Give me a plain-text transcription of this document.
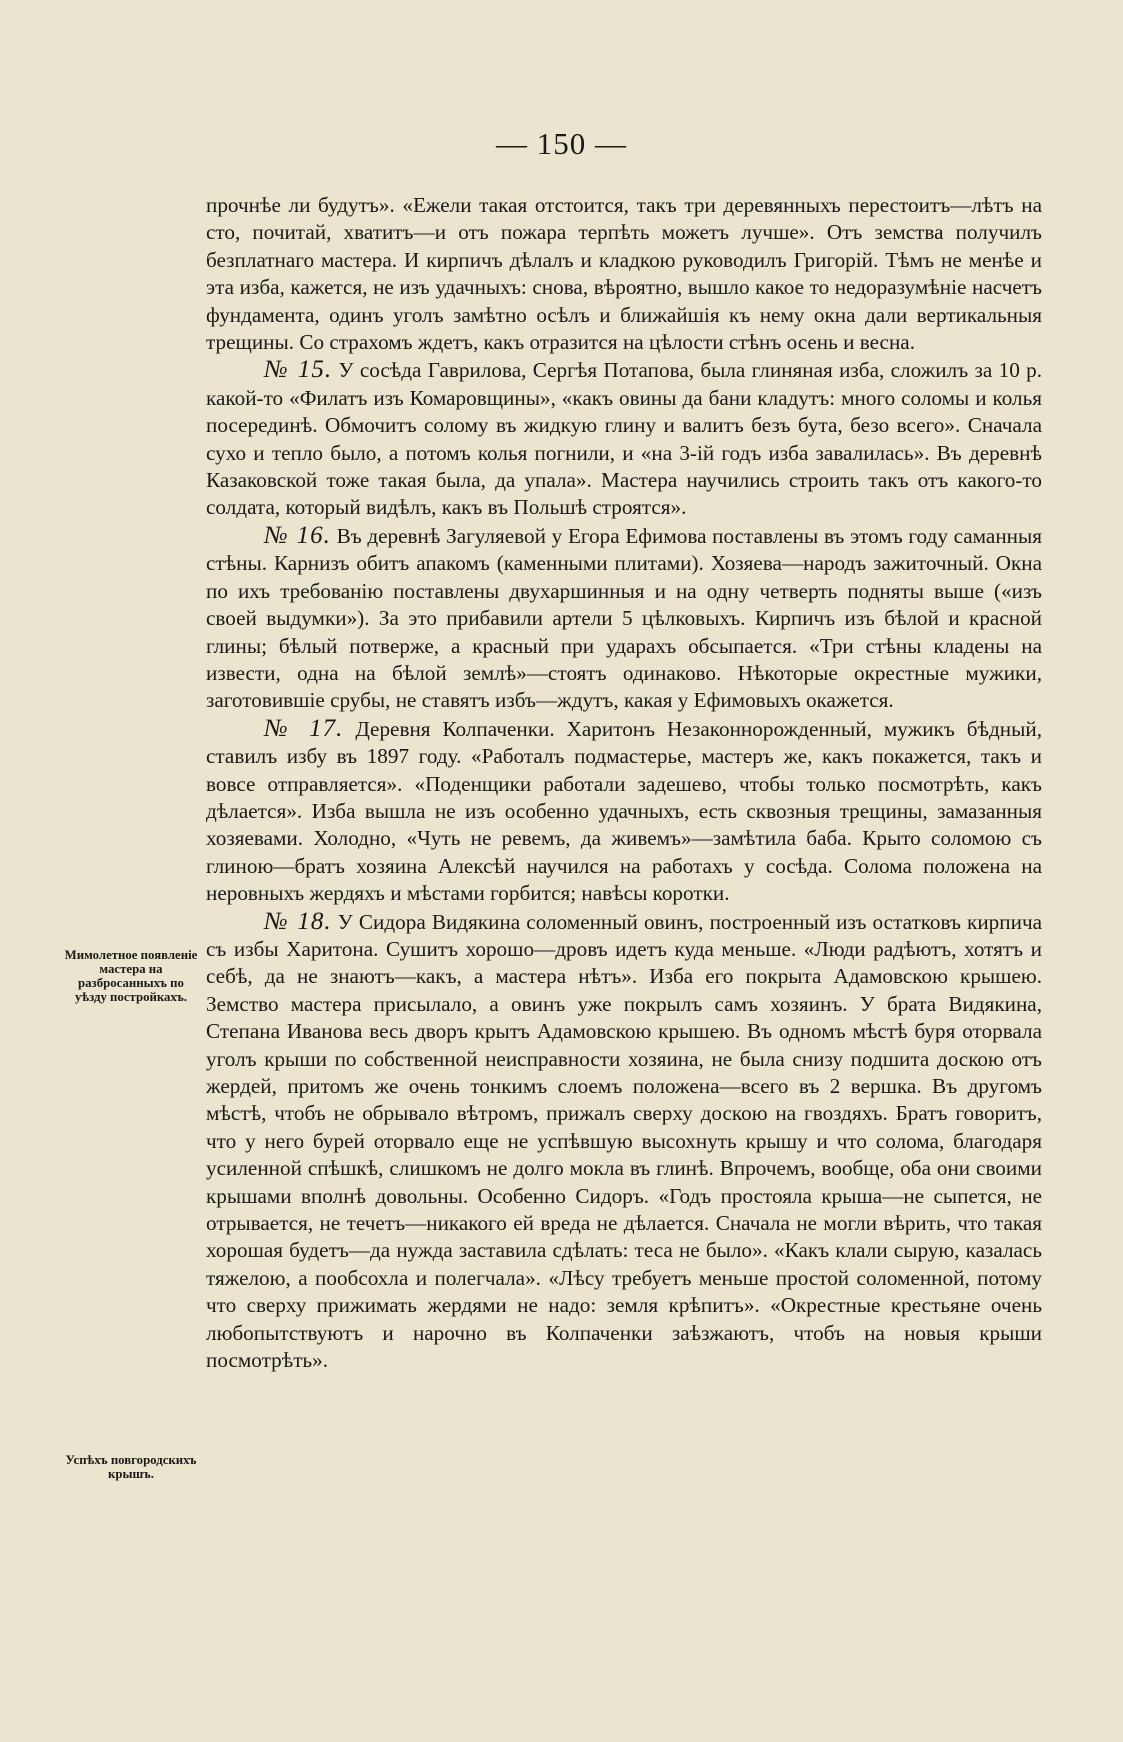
— 150 —

прочнѣе ли будутъ». «Ежели такая отстоится, такъ три деревянныхъ перестоитъ—лѣтъ на сто, почитай, хватитъ—и отъ пожара терпѣть можетъ лучше». Отъ земства получилъ безплатнаго мастера. И кирпичъ дѣлалъ и кладкою руководилъ Григорій. Тѣмъ не менѣе и эта изба, кажется, не изъ удачныхъ: снова, вѣроятно, вышло какое то недоразумѣніе насчетъ фундамента, одинъ уголъ замѣтно осѣлъ и ближайшія къ нему окна дали вертикальныя трещины. Со страхомъ ждетъ, какъ отразится на цѣлости стѣнъ осень и весна.

№ 15. У сосѣда Гаврилова, Сергѣя Потапова, была глиняная изба, сложилъ за 10 р. какой-то «Филатъ изъ Комаровщины», «какъ овины да бани кладутъ: много соломы и колья посерединѣ. Обмочитъ солому въ жидкую глину и валитъ безъ бута, безо всего». Сначала сухо и тепло было, а потомъ колья погнили, и «на 3-ій годъ изба завалилась». Въ деревнѣ Казаковской тоже такая была, да упала». Мастера научились строить такъ отъ какого-то солдата, который видѣлъ, какъ въ Польшѣ строятся».

№ 16. Въ деревнѣ Загуляевой у Егора Ефимова поставлены въ этомъ году саманныя стѣны. Карнизъ обитъ апакомъ (каменными плитами). Хозяева—народъ зажиточный. Окна по ихъ требованію поставлены двухаршинныя и на одну четверть подняты выше («изъ своей выдумки»). За это прибавили артели 5 цѣлковыхъ. Кирпичъ изъ бѣлой и красной глины; бѣлый потверже, а красный при ударахъ обсыпается. «Три стѣны кладены на извести, одна на бѣлой землѣ»—стоятъ одинаково. Нѣкоторые окрестные мужики, заготовившіе срубы, не ставятъ избъ—ждутъ, какая у Ефимовыхъ окажется.

№ 17. Деревня Колпаченки. Харитонъ Незаконнорожденный, мужикъ бѣдный, ставилъ избу въ 1897 году. «Работалъ подмастерье, мастеръ же, какъ покажется, такъ и вовсе отправляется». «Поденщики работали задешево, чтобы только посмотрѣть, какъ дѣлается». Изба вышла не изъ особенно удачныхъ, есть сквозныя трещины, замазанныя хозяевами. Холодно, «Чуть не ревемъ, да живемъ»—замѣтила баба. Крыто соломою съ глиною—братъ хозяина Алексѣй научился на работахъ у сосѣда. Солома положена на неровныхъ жердяхъ и мѣстами горбится; навѣсы коротки.

№ 18. У Сидора Видякина соломенный овинъ, построенный изъ остатковъ кирпича съ избы Харитона. Сушитъ хорошо—дровъ идетъ куда меньше. «Люди радѣютъ, хотятъ и себѣ, да не знаютъ—какъ, а мастера нѣтъ». Изба его покрыта Адамовскою крышею. Земство мастера присылало, а овинъ уже покрылъ самъ хозяинъ. У брата Видякина, Степана Иванова весь дворъ крытъ Адамовскою крышею. Въ одномъ мѣстѣ буря оторвала уголъ крыши по собственной неисправности хозяина, не была снизу подшита доскою отъ жердей, притомъ же очень тонкимъ слоемъ положена—всего въ 2 вершка. Въ другомъ мѣстѣ, чтобъ не обрывало вѣтромъ, прижалъ сверху доскою на гвоздяхъ. Братъ говоритъ, что у него бурей оторвало еще не успѣвшую высохнуть крышу и что солома, благодаря усиленной спѣшкѣ, слишкомъ не долго мокла въ глинѣ. Впрочемъ, вообще, оба они своими крышами вполнѣ довольны. Особенно Сидоръ. «Годъ простояла крыша—не сыпется, не отрывается, не течетъ—никакого ей вреда не дѣлается. Сначала не могли вѣрить, что такая хорошая будетъ—да нужда заставила сдѣлать: теса не было». «Какъ клали сырую, казалась тяжелою, а пообсохла и полегчала». «Лѣсу требуетъ меньше простой соломенной, потому что сверху прижимать жердями не надо: земля крѣпитъ». «Окрестные крестьяне очень любопытствуютъ и нарочно въ Колпаченки заѣзжаютъ, чтобъ на новыя крыши посмотрѣть».

Мимолетное появленіе мастера на разбросанныхъ по уѣзду постройкахъ.
Успѣхъ повгородскихъ крышъ.
